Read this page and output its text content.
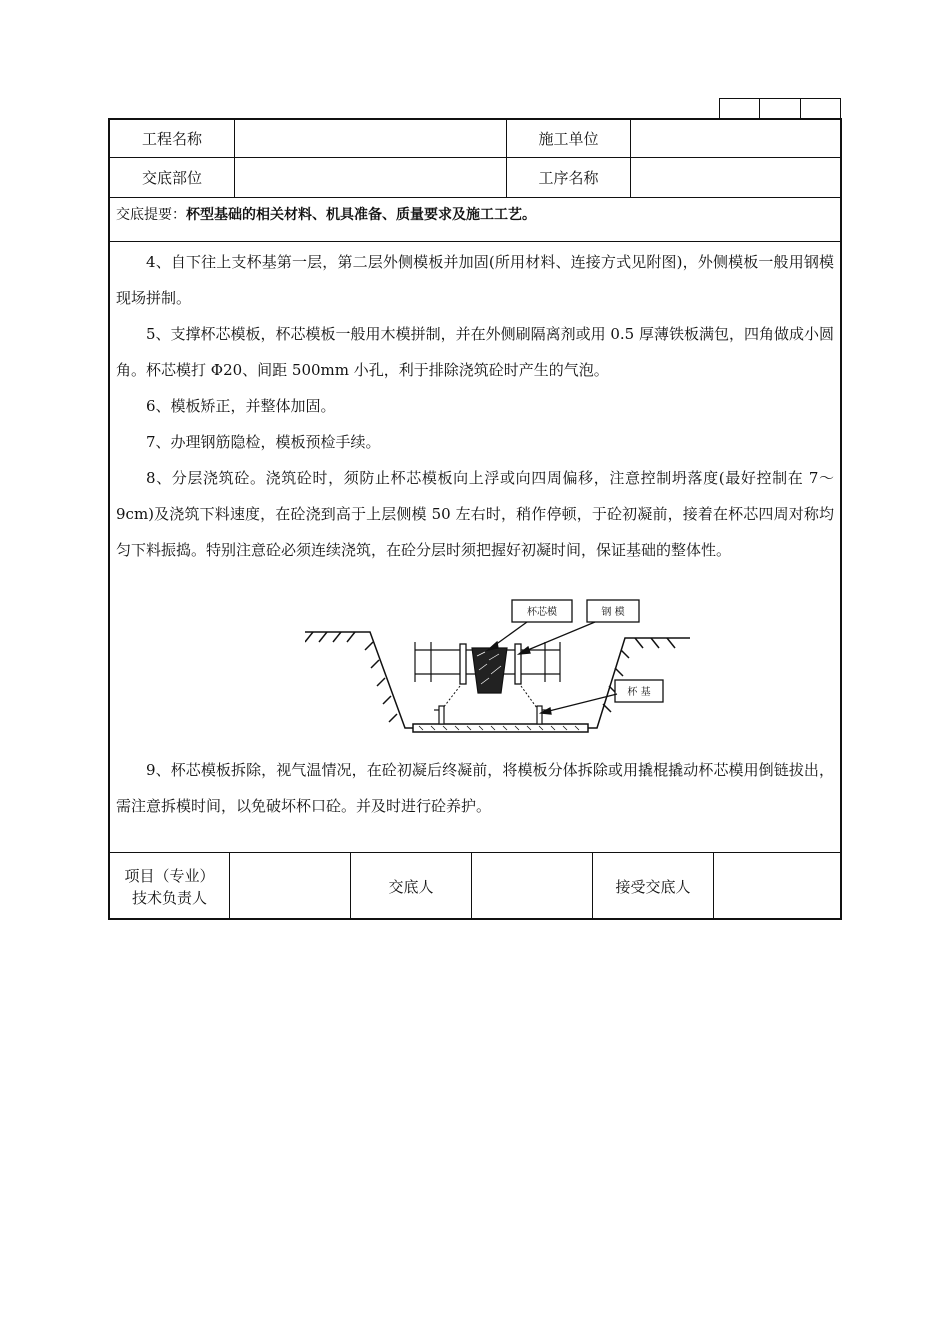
工程名称	施工单位
交底部位	工序名称
交底提要：杯型基础的相关材料、机具准备、质量要求及施工工艺。

4、自下往上支杯基第一层，第二层外侧模板并加固(所用材料、连接方式见附图)，外侧模板一般用钢模现场拼制。

5、支撑杯芯模板，杯芯模板一般用木模拼制，并在外侧刷隔离剂或用 0.5 厚薄铁板满包，四角做成小圆角。杯芯模打 Φ20、间距 500mm 小孔，利于排除浇筑砼时产生的气泡。

6、模板矫正，并整体加固。

7、办理钢筋隐检，模板预检手续。

8、分层浇筑砼。浇筑砼时，须防止杯芯模板向上浮或向四周偏移，注意控制坍落度(最好控制在 7～9cm)及浇筑下料速度，在砼浇到高于上层侧模 50 左右时，稍作停顿，于砼初凝前，接着在杯芯四周对称均匀下料振捣。特别注意砼必须连续浇筑，在砼分层时须把握好初凝时间，保证基础的整体性。

杯芯模	钢 模
杯 基

9、杯芯模板拆除，视气温情况，在砼初凝后终凝前，将模板分体拆除或用撬棍撬动杯芯模用倒链拔出，需注意拆模时间，以免破坏杯口砼。并及时进行砼养护。

项目（专业）
技术负责人
交底人	接受交底人
